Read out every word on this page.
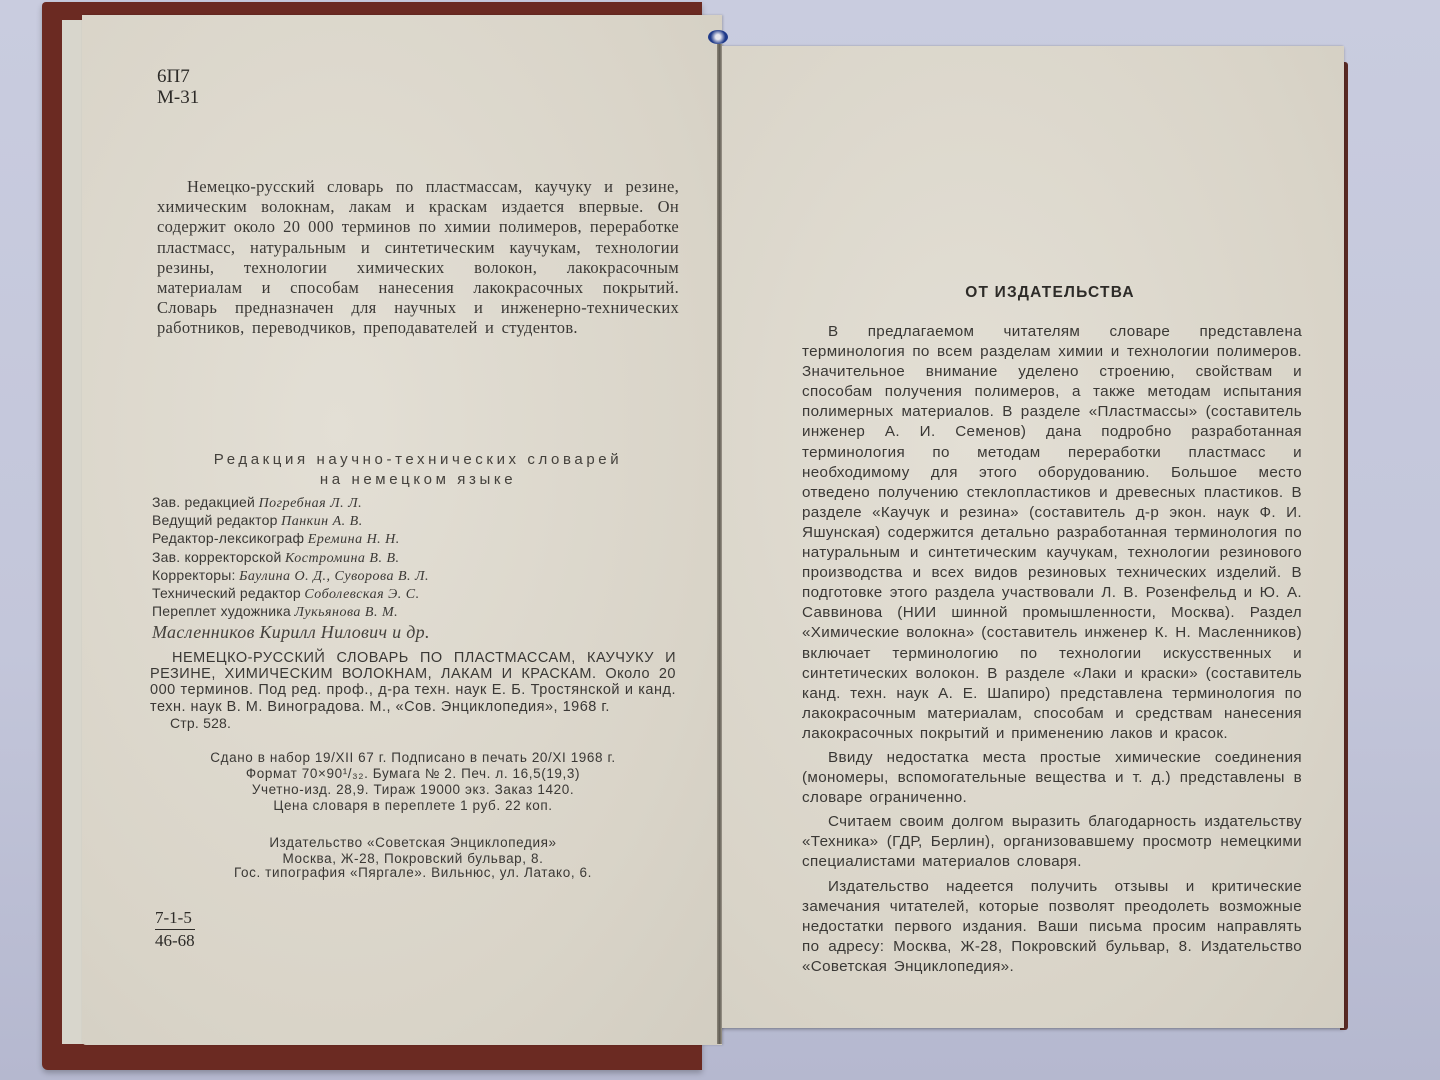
6П7
М-31

Немецко-русский словарь по пластмассам, каучуку и резине, химическим волокнам, лакам и краскам издается впервые. Он содержит около 20 000 терминов по химии полимеров, переработке пластмасс, натуральным и синтетическим каучукам, технологии резины, технологии химических волокон, лакокрасочным материалам и способам нанесения лакокрасочных покрытий. Словарь предназначен для научных и инженерно-технических работников, переводчиков, преподавателей и студентов.

Редакция научно-технических словарей
на немецком языке
Зав. редакцией Погребная Л. Л.
Ведущий редактор Панкин А. В.
Редактор-лексикограф Еремина Н. Н.
Зав. корректорской Костромина В. В.
Корректоры: Баулина О. Д., Суворова В. Л.
Технический редактор Соболевская Э. С.
Переплет художника Лукьянова В. М.
Масленников Кирилл Нилович и др.
НЕМЕЦКО-РУССКИЙ СЛОВАРЬ ПО ПЛАСТМАССАМ, КАУЧУКУ И РЕЗИНЕ, ХИМИЧЕСКИМ ВОЛОКНАМ, ЛАКАМ И КРАСКАМ. Около 20 000 терминов. Под ред. проф., д-ра техн. наук Е. Б. Тростянской и канд. техн. наук В. М. Виноградова. М., «Сов. Энциклопедия», 1968 г.
Стр. 528.
Сдано в набор 19/XII 67 г. Подписано в печать 20/XI 1968 г.
Формат 70×90¹/₃₂. Бумага № 2. Печ. л. 16,5(19,3)
Учетно-изд. 28,9. Тираж 19000 экз. Заказ 1420.
Цена словаря в переплете 1 руб. 22 коп.
Издательство «Советская Энциклопедия»
Москва, Ж-28, Покровский бульвар, 8.
Гос. типография «Пяргале». Вильнюс, ул. Латако, 6.
$\frac{7-1-5}{46-68}$
ОТ ИЗДАТЕЛЬСТВА

В предлагаемом читателям словаре представлена терминология по всем разделам химии и технологии полимеров. Значительное внимание уделено строению, свойствам и способам получения полимеров, а также методам испытания полимерных материалов. В разделе «Пластмассы» (составитель инженер А. И. Семенов) дана подробно разработанная терминология по методам переработки пластмасс и необходимому для этого оборудованию. Большое место отведено получению стеклопластиков и древесных пластиков. В разделе «Каучук и резина» (составитель д-р экон. наук Ф. И. Яшунская) содержится детально разработанная терминология по натуральным и синтетическим каучукам, технологии резинового производства и всех видов резиновых технических изделий. В подготовке этого раздела участвовали Л. В. Розенфельд и Ю. А. Саввинова (НИИ шинной промышленности, Москва). Раздел «Химические волокна» (составитель инженер К. Н. Масленников) включает терминологию по технологии искусственных и синтетических волокон. В разделе «Лаки и краски» (составитель канд. техн. наук А. Е. Шапиро) представлена терминология по лакокрасочным материалам, способам и средствам нанесения лакокрасочных покрытий и применению лаков и красок.

Ввиду недостатка места простые химические соединения (мономеры, вспомогательные вещества и т. д.) представлены в словаре ограниченно.

Считаем своим долгом выразить благодарность издательству «Техника» (ГДР, Берлин), организовавшему просмотр немецкими специалистами материалов словаря.

Издательство надеется получить отзывы и критические замечания читателей, которые позволят преодолеть возможные недостатки первого издания. Ваши письма просим направлять по адресу: Москва, Ж-28, Покровский бульвар, 8. Издательство «Советская Энциклопедия».
